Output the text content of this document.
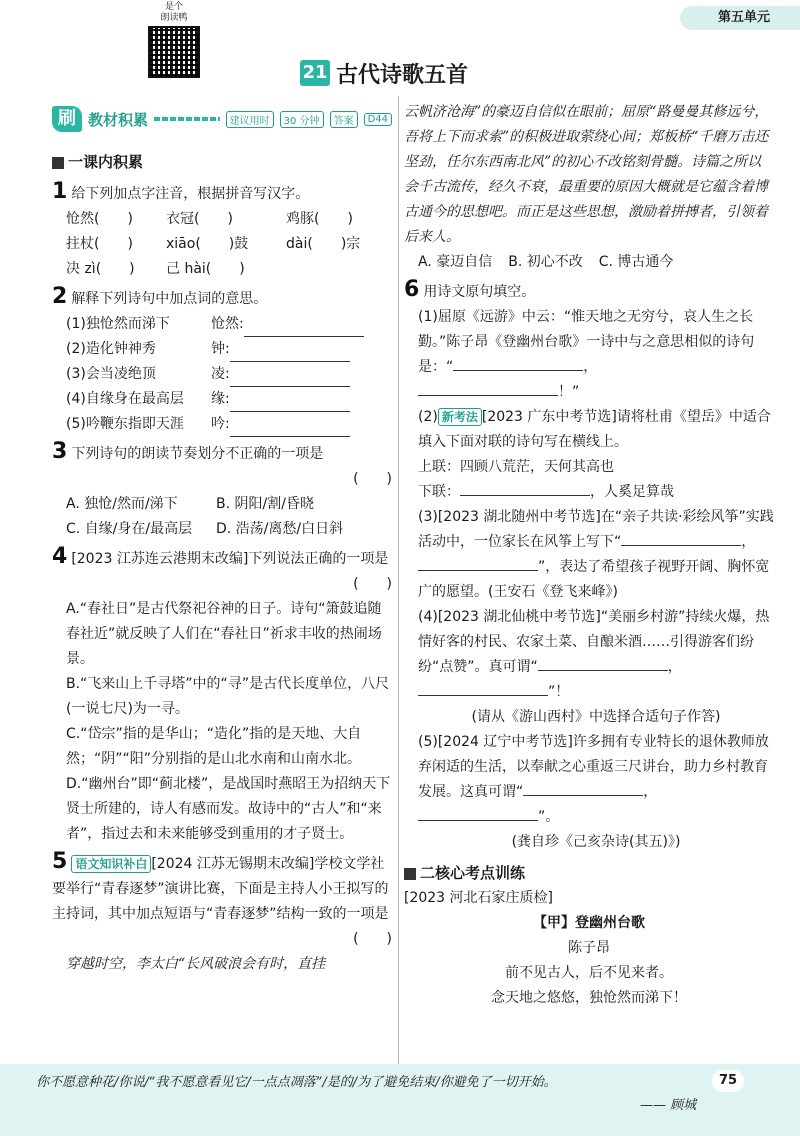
第五单元
是个
朗读鸭
21 古代诗歌五首
刷 教材积累	建议用时	30 分钟	答案	D44
一课内积累
1 给下列加点字注音，根据拼音写汉字。
怆然(　　)	衣冠(　　)	鸡豚(　　)
拄杖(　　)	xiāo(　　)鼓	dài(　　)宗
决 zì(　　)	己 hài(　　)
2 解释下列诗句中加点词的意思。
(1)独怆然而涕下	怆然:
(2)造化钟神秀	钟:
(3)会当凌绝顶	凌:
(4)自缘身在最高层	缘:
(5)吟鞭东指即天涯	吟:
3 下列诗句的朗读节奏划分不正确的一项是
(　　)
A. 独怆/然而/涕下	B. 阴阳/割/昏晓
C. 自缘/身在/最高层	D. 浩荡/离愁/白日斜
4 [2023 江苏连云港期末改编]下列说法正确的一项是
(　　)
A.“春社日”是古代祭祀谷神的日子。诗句“箫鼓追随春社近”就反映了人们在“春社日”祈求丰收的热闹场景。
B.“飞来山上千寻塔”中的“寻”是古代长度单位，八尺(一说七尺)为一寻。
C.“岱宗”指的是华山；“造化”指的是天地、大自然；“阴”“阳”分别指的是山北水南和山南水北。
D.“幽州台”即“蓟北楼”，是战国时燕昭王为招纳天下贤士所建的，诗人有感而发。故诗中的“古人”和“来者”，指过去和未来能够受到重用的才子贤士。
5 语文知识补白 [2024 江苏无锡期末改编]学校文学社要举行“青春逐梦”演讲比赛，下面是主持人小王拟写的主持词，其中加点短语与“青春逐梦”结构一致的一项是
(　　)
穿越时空，李太白“长风破浪会有时，直挂
云帆济沧海”的豪迈自信似在眼前；屈原“路曼曼其修远兮，吾将上下而求索”的积极进取萦绕心间；郑板桥“千磨万击还坚劲，任尔东西南北风”的初心不改铭刻骨髓。诗篇之所以会千古流传，经久不衰，最重要的原因大概就是它蕴含着博古通今的思想吧。而正是这些思想，激励着拼搏者，引领着后来人。
A. 豪迈自信 B. 初心不改 C. 博古通今
6 用诗文原句填空。
(1)屈原《远游》中云：“惟天地之无穷兮，哀人生之长勤。”陈子昂《登幽州台歌》一诗中与之意思相似的诗句是：“	，
！”
(2) 新考法 [2023 广东中考节选]请将杜甫《望岳》中适合填入下面对联的诗句写在横线上。
上联：四顾八荒茫，天何其高也
下联：	，人奚足算哉
(3)[2023 湖北随州中考节选]在“亲子共读·彩绘风筝”实践活动中，一位家长在风筝上写下“	，”，表达了希望孩子视野开阔、胸怀宽广的愿望。(王安石《登飞来峰》)
(4)[2023 湖北仙桃中考节选]“美丽乡村游”持续火爆，热情好客的村民、农家土菜、自酿米酒……引得游客们纷纷“点赞”。真可谓“	，”！
(请从《游山西村》中选择合适句子作答)
(5)[2024 辽宁中考节选]许多拥有专业特长的退休教师放弃闲适的生活，以奉献之心重返三尺讲台，助力乡村教育发展。这真可谓“	，”。
(龚自珍《己亥杂诗(其五)》)
二核心考点训练
[2023 河北石家庄质检]
【甲】登幽州台歌
陈子昂
前不见古人，后不见来者。
念天地之悠悠，独怆然而涕下！
你不愿意种花/你说/“我不愿意看见它/一点点凋落”/是的/为了避免结束/你避免了一切开始。	75
—— 顾城
